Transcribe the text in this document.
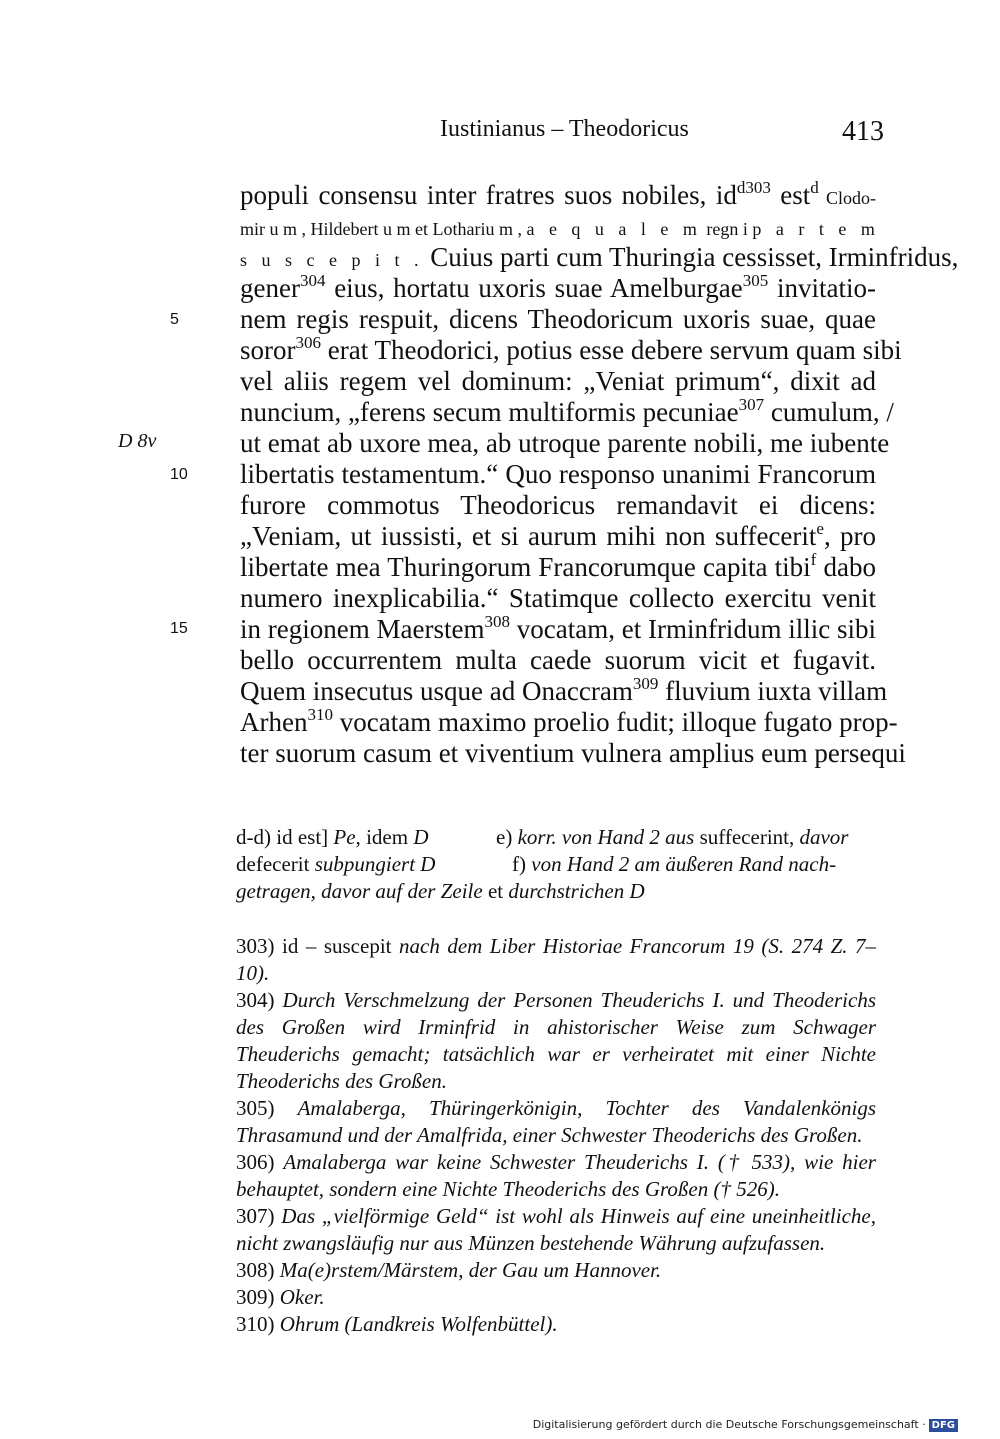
Iustinianus – Theodoricus	413
5
10
15
D 8v
populi consensu inter fratres suos nobiles, $id^{d303}$ est$^d$ Clodo-
mir u m , Hildebert u m et Lothariu m , a e q u a l e m regn i p a r t e m
s u s c e p i t . Cuius parti cum Thuringia cessisset, Irminfridus,
gener$^{304}$ eius, hortatu uxoris suae Amelburgae$^{305}$ invitatio-
nem regis respuit, dicens Theodoricum uxoris suae, quae
soror$^{306}$ erat Theodorici, potius esse debere servum quam sibi
vel aliis regem vel dominum: „Veniat primum“, dixit ad
nuncium, „ferens secum multiformis pecuniae$^{307}$ cumulum, /
ut emat ab uxore mea, ab utroque parente nobili, me iubente
libertatis testamentum.“ Quo responso unanimi Francorum
furore commotus Theodoricus remandavit ei dicens:
„Veniam, ut iussisti, et si aurum mihi non suffecerit$^e$, pro
libertate mea Thuringorum Francorumque capita tibi$^f$ dabo
numero inexplicabilia.“ Statimque collecto exercitu venit
in regionem Maerstem$^{308}$ vocatam, et Irminfridum illic sibi
bello occurrentem multa caede suorum vicit et fugavit.
Quem insecutus usque ad Onaccram$^{309}$ fluvium iuxta villam
Arhen$^{310}$ vocatam maximo proelio fudit; illoque fugato prop-
ter suorum casum et viventium vulnera amplius eum persequi
d-d) id est] Pe, idem D	e) korr. von Hand 2 aus suffecerint, davor
defecerit subpungiert D	f) von Hand 2 am äußeren Rand nach-
getragen, davor auf der Zeile et durchstrichen D

303) id – suscepit nach dem Liber Historiae Francorum 19 (S. 274 Z. 7–10).

304) Durch Verschmelzung der Personen Theuderichs I. und Theoderichs des Großen wird Irminfrid in ahistorischer Weise zum Schwager Theuderichs gemacht; tatsächlich war er verheiratet mit einer Nichte Theoderichs des Großen.

305) Amalaberga, Thüringerkönigin, Tochter des Vandalenkönigs Thrasamund und der Amalfrida, einer Schwester Theoderichs des Großen.

306) Amalaberga war keine Schwester Theuderichs I. († 533), wie hier behauptet, sondern eine Nichte Theoderichs des Großen († 526).

307) Das „vielförmige Geld“ ist wohl als Hinweis auf eine uneinheitliche, nicht zwangsläufig nur aus Münzen bestehende Währung aufzufassen.

308) Ma(e)rstem/Märstem, der Gau um Hannover.

309) Oker.

310) Ohrum (Landkreis Wolfenbüttel).

Digitalisierung gefördert durch die Deutsche Forschungsgemeinschaft · DFG
